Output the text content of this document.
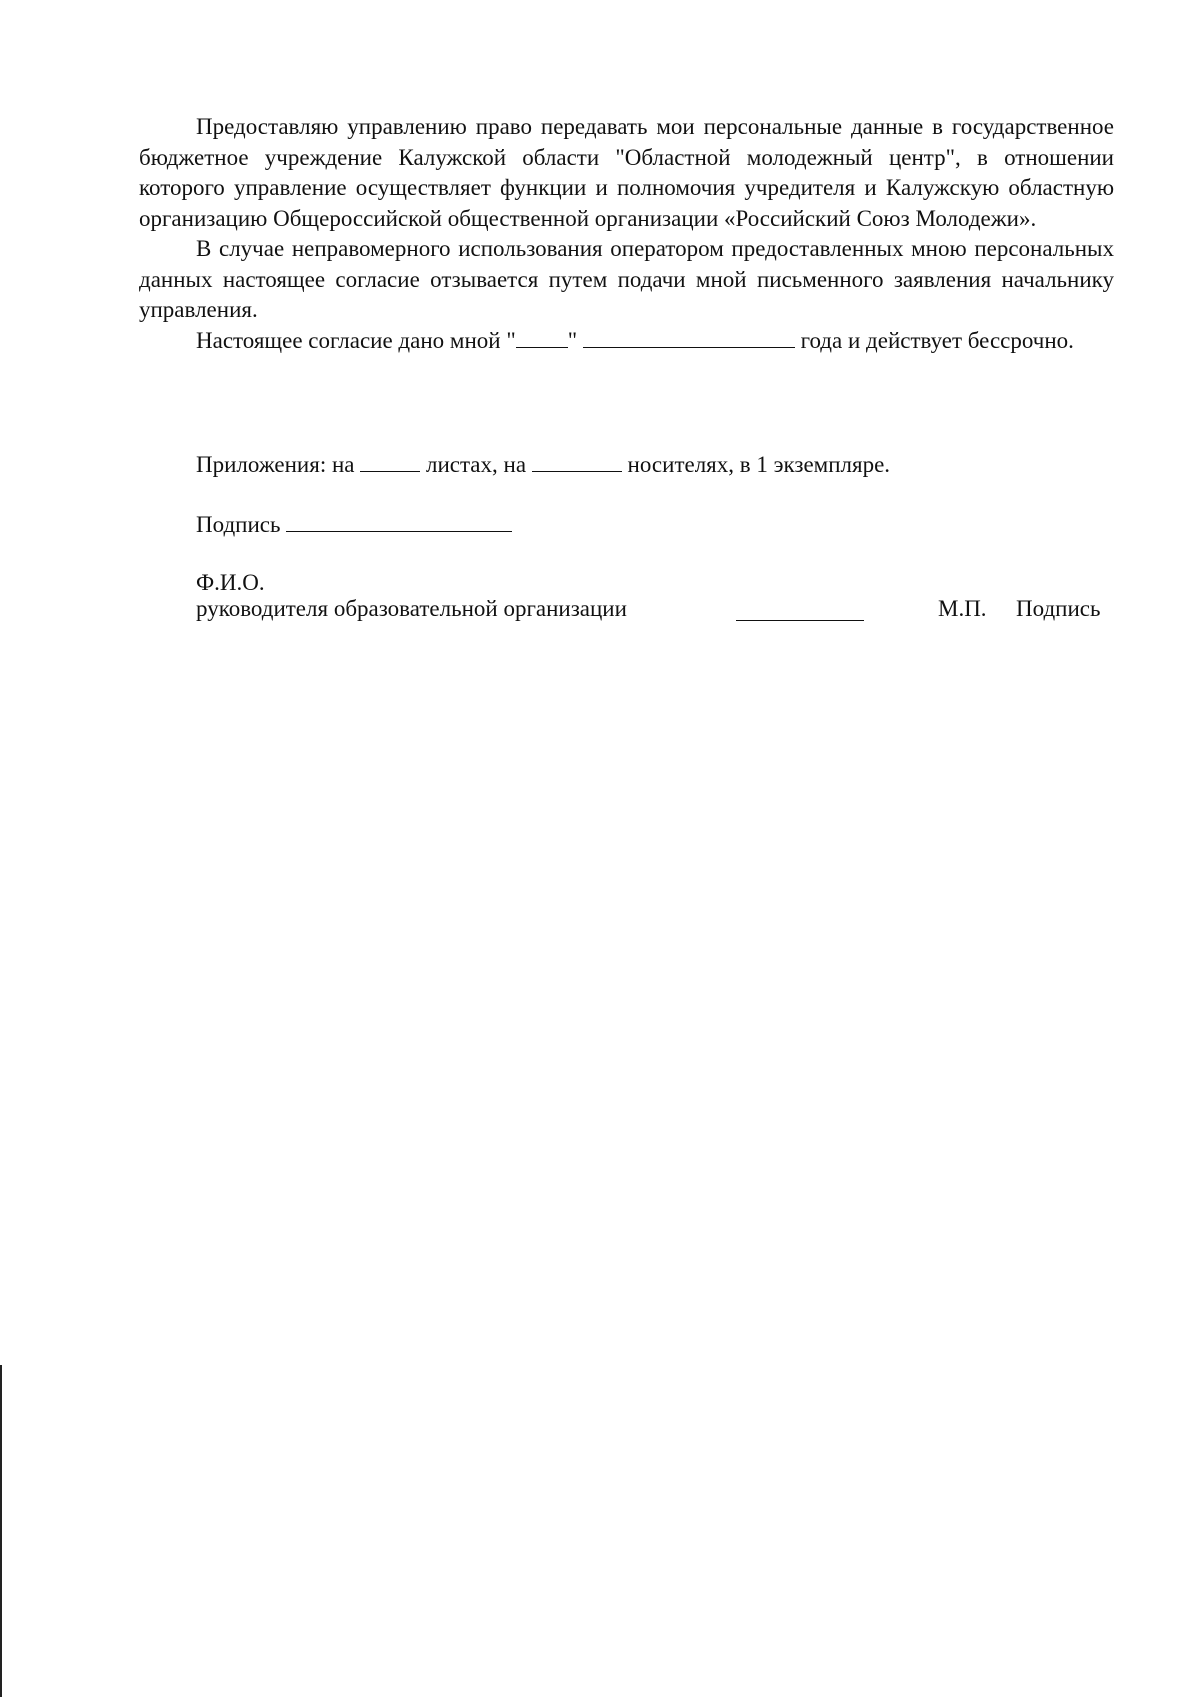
Предоставляю управлению право передавать мои персональные данные в государственное бюджетное учреждение Калужской области "Областной молодежный центр", в отношении которого управление осуществляет функции и полномочия учредителя и Калужскую областную организацию Общероссийской общественной организации «Российский Союз Молодежи».

В случае неправомерного использования оператором предоставленных мною персональных данных настоящее согласие отзывается путем подачи мной письменного заявления начальнику управления.

Настоящее согласие дано мной " "	года и действует бессрочно.

Приложения: на	листах, на	носителях, в 1 экземпляре.
Подпись
Ф.И.О.
руководителя образовательной организации	М.П. Подпись
